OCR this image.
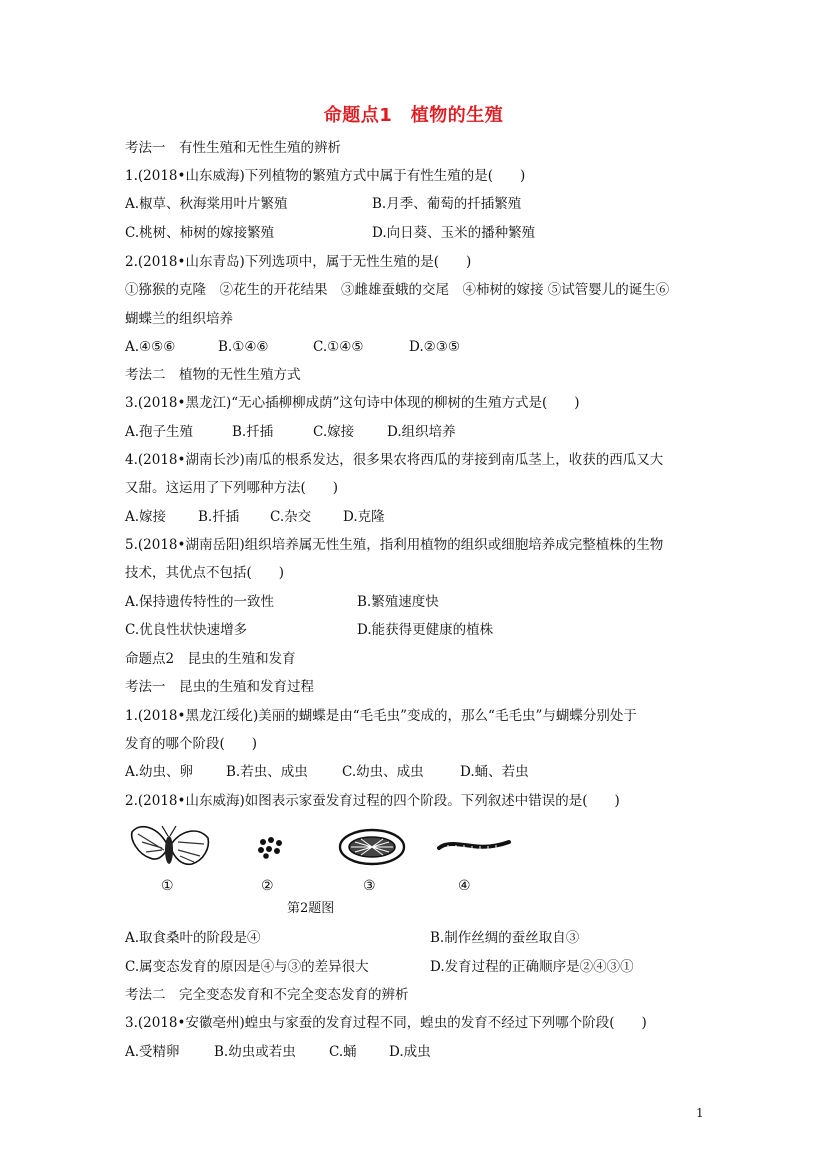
命题点1　植物的生殖
考法一　有性生殖和无性生殖的辨析
1.(2018•山东威海)下列植物的繁殖方式中属于有性生殖的是(　　)
A.椒草、秋海棠用叶片繁殖	B.月季、葡萄的扦插繁殖
C.桃树、柿树的嫁接繁殖	D.向日葵、玉米的播种繁殖
2.(2018•山东青岛)下列选项中，属于无性生殖的是(　　)
①猕猴的克隆　②花生的开花结果　③雌雄蚕蛾的交尾　④柿树的嫁接 ⑤试管婴儿的诞生⑥
蝴蝶兰的组织培养
A.④⑤⑥	B.①④⑥	C.①④⑤	D.②③⑤
考法二　植物的无性生殖方式
3.(2018•黑龙江)“无心插柳柳成荫”这句诗中体现的柳树的生殖方式是(　　)
A.孢子生殖	B.扦插	C.嫁接 D.组织培养
4.(2018•湖南长沙)南瓜的根系发达，很多果农将西瓜的芽接到南瓜茎上，收获的西瓜又大
又甜。这运用了下列哪种方法(　　)
A.嫁接 B.扦插 C.杂交 D.克隆
5.(2018•湖南岳阳)组织培养属无性生殖，指利用植物的组织或细胞培养成完整植株的生物
技术，其优点不包括(　　)
A.保持遗传特性的一致性	B.繁殖速度快
C.优良性状快速增多	D.能获得更健康的植株
命题点2　昆虫的生殖和发育
考法一　昆虫的生殖和发育过程
1.(2018•黑龙江绥化)美丽的蝴蝶是由“毛毛虫”变成的，那么“毛毛虫”与蝴蝶分别处于
发育的哪个阶段(　　)
A.幼虫、卵 B.若虫、成虫	C.幼虫、成虫	D.蛹、若虫
2.(2018•山东威海)如图表示家蚕发育过程的四个阶段。下列叙述中错误的是(　　)
①	②	③	④
第2题图
A.取食桑叶的阶段是④	B.制作丝绸的蚕丝取自③
C.属变态发育的原因是④与③的差异很大	D.发育过程的正确顺序是②④③①
考法二　完全变态发育和不完全变态发育的辨析
3.(2018•安徽亳州)蝗虫与家蚕的发育过程不同，蝗虫的发育不经过下列哪个阶段(　　)
A.受精卵	B.幼虫或若虫 C.蛹 D.成虫
1
